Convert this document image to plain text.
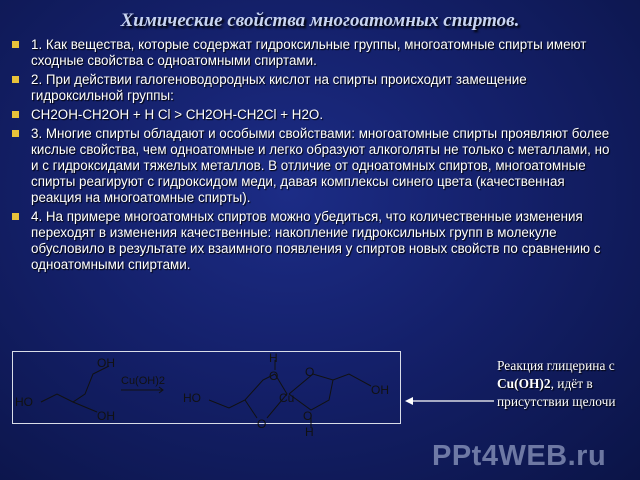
Химические свойства многоатомных спиртов.
1. Как вещества, которые содержат гидроксильные группы, многоатомные спирты имеют сходные свойства с одноатомными спиртами.
2. При действии галогеноводородных кислот на спирты происходит замещение гидроксильной группы:
СН2ОН-СН2ОН + Н Cl > СН2ОН-СН2Cl + Н2О.
3. Многие спирты обладают и особыми свойствами: многоатомные спирты проявляют более кислые свойства, чем одноатомные и легко образуют алкоголяты не только с металлами, но и с гидроксидами тяжелых металлов. В отличие от одноатомных спиртов, многоатомные спирты реагируют с гидроксидом меди, давая комплексы синего цвета (качественная реакция на многоатомные спирты).
4. На примере многоатомных спиртов можно убедиться, что количественные изменения переходят в изменения качественные: накопление гидроксильных групп в молекуле обусловило в результате их взаимного появления у спиртов новых свойств по сравнению с одноатомными спиртами.
OH
HO
OH
Cu(OH)2
HO
O O
O
O
Cu
H
H
OH
Реакция глицерина с Cu(OH)2, идёт в присутствии щелочи
PPt4WEB.ru
